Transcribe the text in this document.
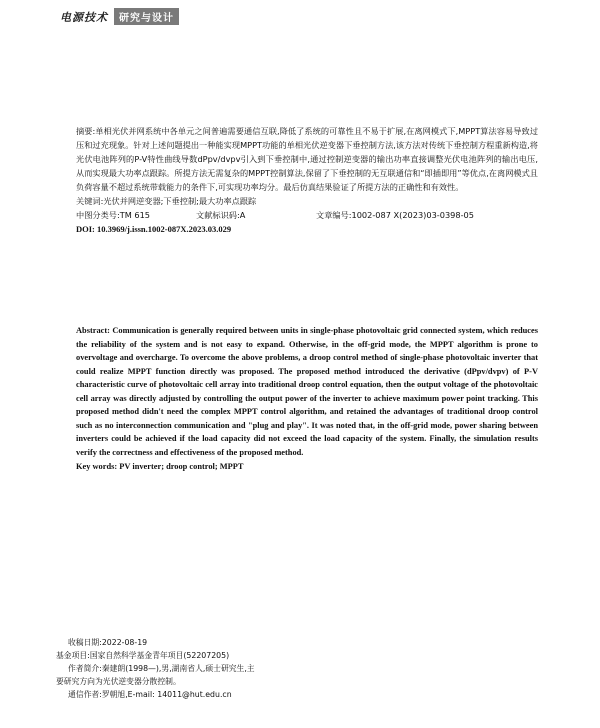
电源技术	研究与设计

摘要:单相光伏并网系统中各单元之间普遍需要通信互联,降低了系统的可靠性且不易于扩展,在离网模式下,MPPT算法容易导致过压和过充现象。针对上述问题提出一种能实现MPPT功能的单相光伏逆变器下垂控制方法,该方法对传统下垂控制方程重新构造,将光伏电池阵列的P-V特性曲线导数dPpv/dvpv引入到下垂控制中,通过控制逆变器的输出功率直接调整光伏电池阵列的输出电压,从而实现最大功率点跟踪。所提方法无需复杂的MPPT控制算法,保留了下垂控制的无互联通信和“即插即用”等优点,在离网模式且负荷容量不超过系统带载能力的条件下,可实现功率均分。最后仿真结果验证了所提方法的正确性和有效性。

关键词:光伏并网逆变器;下垂控制;最大功率点跟踪
中图分类号:TM 615	文献标识码:A	文章编号:1002-087 X(2023)03-0398-05
DOI: 10.3969/j.issn.1002-087X.2023.03.029

Abstract: Communication is generally required between units in single-phase photovoltaic grid connected system, which reduces the reliability of the system and is not easy to expand. Otherwise, in the off-grid mode, the MPPT algorithm is prone to overvoltage and overcharge. To overcome the above problems, a droop control method of single-phase photovoltaic inverter that could realize MPPT function directly was proposed. The proposed method introduced the derivative (dPpv/dvpv) of P-V characteristic curve of photovoltaic cell array into traditional droop control equation, then the output voltage of the photovoltaic cell array was directly adjusted by controlling the output power of the inverter to achieve maximum power point tracking. This proposed method didn't need the complex MPPT control algorithm, and retained the advantages of traditional droop control such as no interconnection communication and "plug and play". It was noted that, in the off-grid mode, power sharing between inverters could be achieved if the load capacity did not exceed the load capacity of the system. Finally, the simulation results verify the correctness and effectiveness of the proposed method.

Key words: PV inverter; droop control; MPPT
收稿日期:2022-08-19
基金项目:国家自然科学基金青年项目(52207205)
作者简介:秦建朗(1998—),男,湖南省人,硕士研究生,主
要研究方向为光伏逆变器分散控制。
通信作者:罗朝旭,E-mail: 14011@hut.edu.cn
